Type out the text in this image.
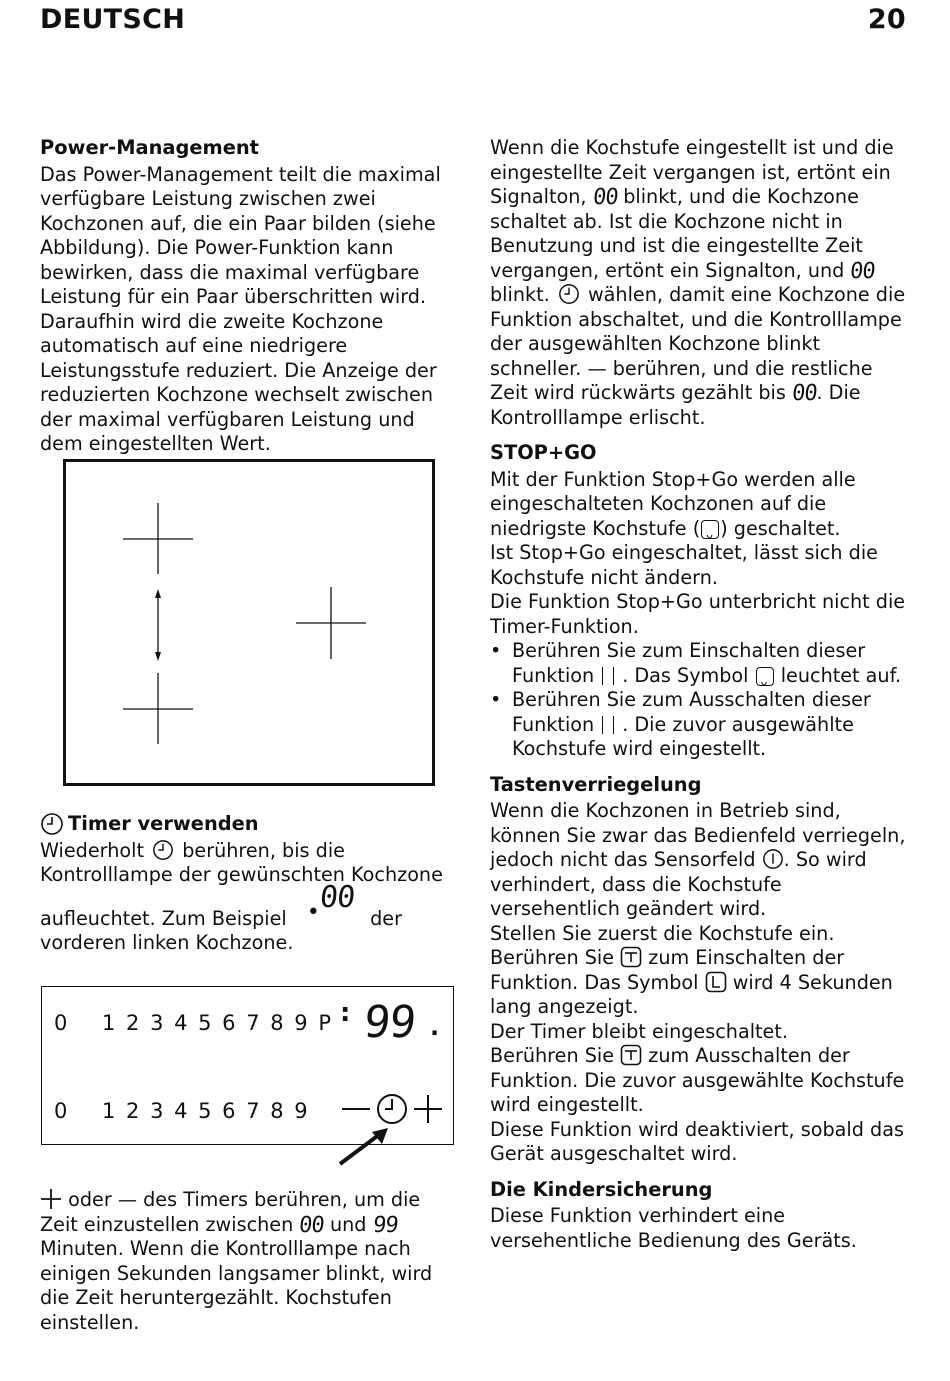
DEUTSCH	20
Power-Management

Das Power-Management teilt die maximal verfügbare Leistung zwischen zwei Kochzonen auf, die ein Paar bilden (siehe Abbildung). Die Power-Funktion kann bewirken, dass die maximal verfügbare Leistung für ein Paar überschritten wird. Daraufhin wird die zweite Kochzone automatisch auf eine niedrigere Leistungsstufe reduziert. Die Anzeige der reduzierten Kochzone wechselt zwischen der maximal verfügbaren Leistung und dem eingestellten Wert.

Timer verwenden

Wiederholt berühren, bis die Kontrolllampe der gewünschten Kochzone aufleuchtet. Zum Beispiel •00 der vorderen linken Kochzone.

0 1 2 3 4 5 6 7 8 9 P : 99 .
0 1 2 3 4 5 6 7 8 9

oder — des Timers berühren, um die Zeit einzustellen zwischen 00 und 99 Minuten. Wenn die Kontrolllampe nach einigen Sekunden langsamer blinkt, wird die Zeit heruntergezählt. Kochstufen einstellen.

Wenn die Kochstufe eingestellt ist und die eingestellte Zeit vergangen ist, ertönt ein Signalton, 00 blinkt, und die Kochzone schaltet ab. Ist die Kochzone nicht in Benutzung und ist die eingestellte Zeit vergangen, ertönt ein Signalton, und 00 blinkt. wählen, damit eine Kochzone die Funktion abschaltet, und die Kontrolllampe der ausgewählten Kochzone blinkt schneller. — berühren, und die restliche Zeit wird rückwärts gezählt bis 00. Die Kontrolllampe erlischt.

STOP+GO

Mit der Funktion Stop+Go werden alle eingeschalteten Kochzonen auf die niedrigste Kochstufe ( ᴗ ) geschaltet.

Ist Stop+Go eingeschaltet, lässt sich die Kochstufe nicht ändern.

Die Funktion Stop+Go unterbricht nicht die Timer-Funktion.

• Berühren Sie zum Einschalten dieser Funktion . Das Symbol ᴗ leuchtet auf.
• Berühren Sie zum Ausschalten dieser Funktion . Die zuvor ausgewählte Kochstufe wird eingestellt.
Tastenverriegelung

Wenn die Kochzonen in Betrieb sind, können Sie zwar das Bedienfeld verriegeln, jedoch nicht das Sensorfeld . So wird verhindert, dass die Kochstufe versehentlich geändert wird.

Stellen Sie zuerst die Kochstufe ein.

Berühren Sie zum Einschalten der Funktion. Das Symbol wird 4 Sekunden lang angezeigt.

Der Timer bleibt eingeschaltet.

Berühren Sie zum Ausschalten der Funktion. Die zuvor ausgewählte Kochstufe wird eingestellt.

Diese Funktion wird deaktiviert, sobald das Gerät ausgeschaltet wird.

Die Kindersicherung

Diese Funktion verhindert eine versehentliche Bedienung des Geräts.
